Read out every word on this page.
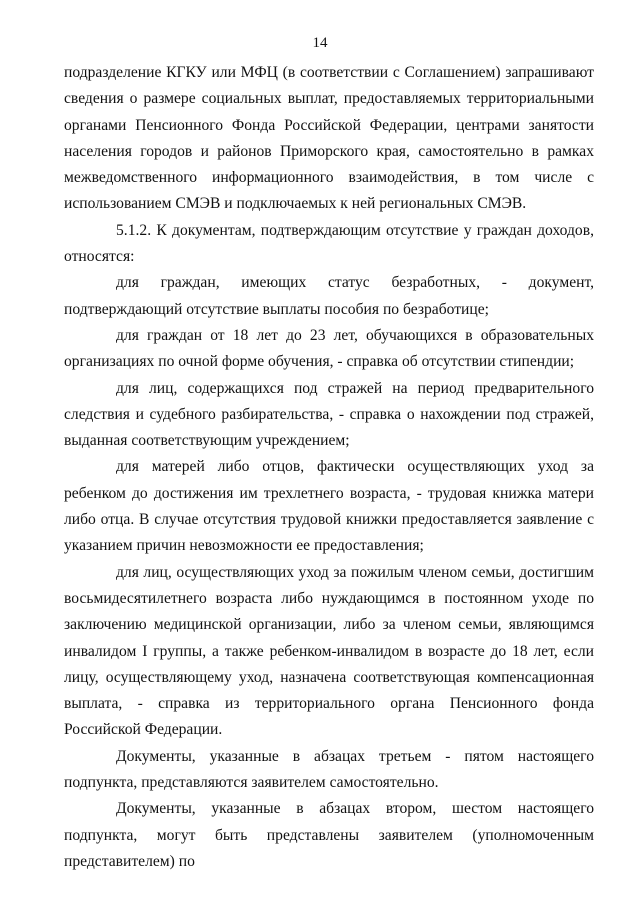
14

подразделение КГКУ или МФЦ (в соответствии с Соглашением) запрашивают сведения о размере социальных выплат, предоставляемых территориальными органами Пенсионного Фонда Российской Федерации, центрами занятости населения городов и районов Приморского края, самостоятельно в рамках межведомственного информационного взаимодействия, в том числе с использованием СМЭВ и подключаемых к ней региональных СМЭВ.

5.1.2. К документам, подтверждающим отсутствие у граждан доходов, относятся:

для граждан, имеющих статус безработных, - документ, подтверждающий отсутствие выплаты пособия по безработице;

для граждан от 18 лет до 23 лет, обучающихся в образовательных организациях по очной форме обучения, - справка об отсутствии стипендии;

для лиц, содержащихся под стражей на период предварительного следствия и судебного разбирательства, - справка о нахождении под стражей, выданная соответствующим учреждением;

для матерей либо отцов, фактически осуществляющих уход за ребенком до достижения им трехлетнего возраста, - трудовая книжка матери либо отца. В случае отсутствия трудовой книжки предоставляется заявление с указанием причин невозможности ее предоставления;

для лиц, осуществляющих уход за пожилым членом семьи, достигшим восьмидесятилетнего возраста либо нуждающимся в постоянном уходе по заключению медицинской организации, либо за членом семьи, являющимся инвалидом I группы, а также ребенком-инвалидом в возрасте до 18 лет, если лицу, осуществляющему уход, назначена соответствующая компенсационная выплата, - справка из территориального органа Пенсионного фонда Российской Федерации.

Документы, указанные в абзацах третьем - пятом настоящего подпункта, представляются заявителем самостоятельно.

Документы, указанные в абзацах втором, шестом настоящего подпункта, могут быть представлены заявителем (уполномоченным представителем) по
